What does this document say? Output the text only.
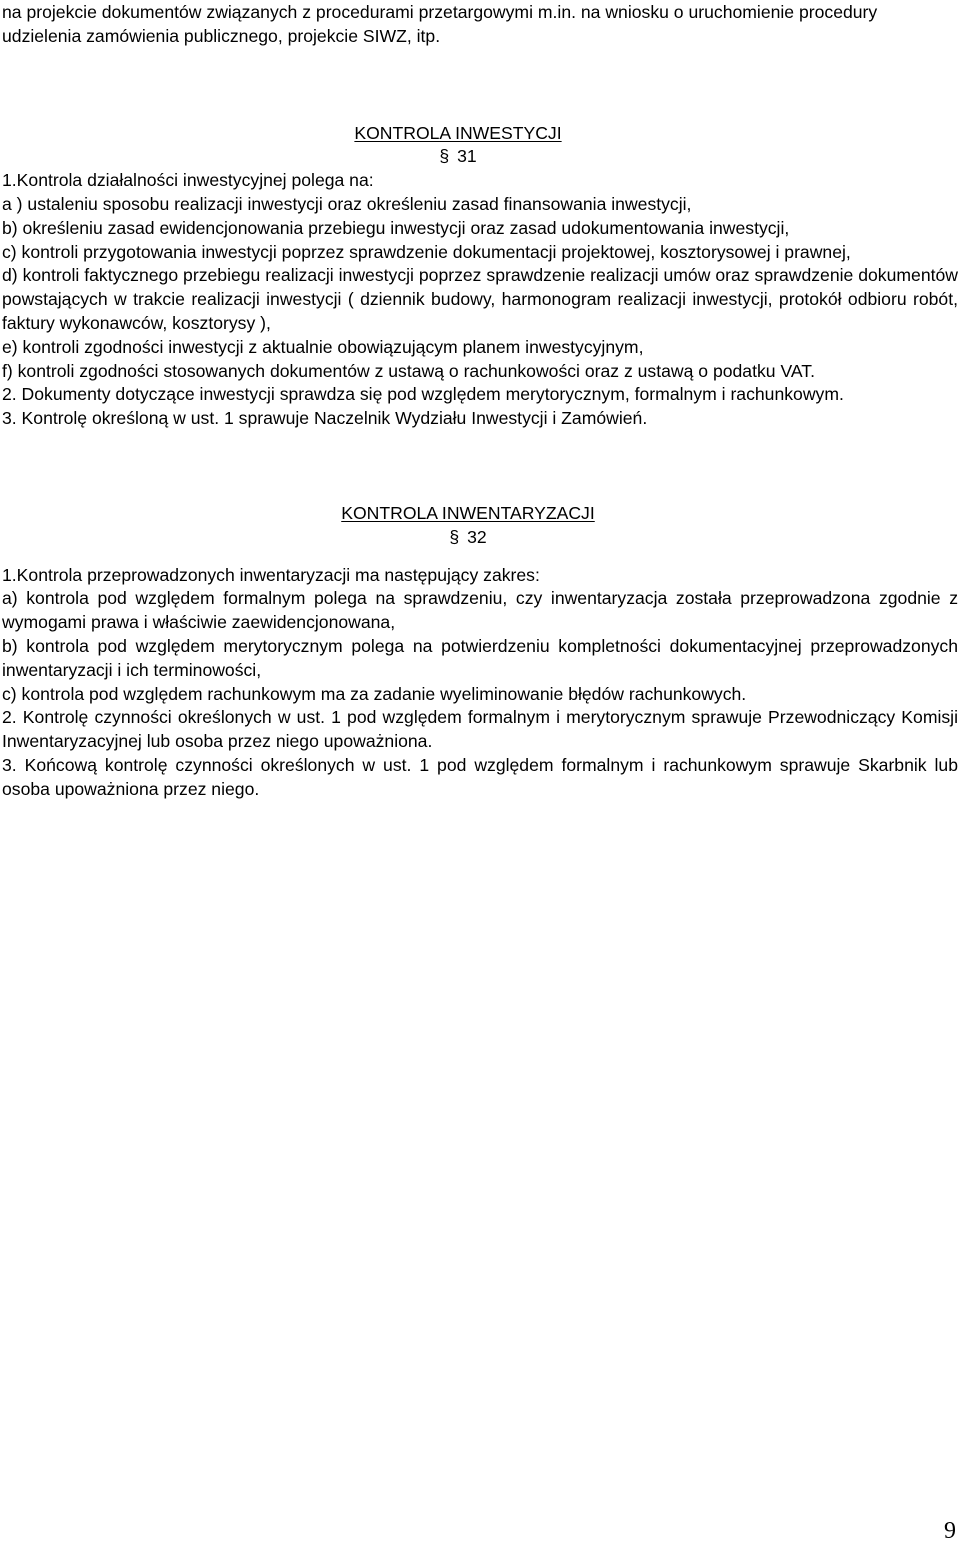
na projekcie dokumentów związanych z procedurami przetargowymi m.in. na wniosku o uruchomienie procedury udzielenia zamówienia publicznego, projekcie SIWZ, itp.

KONTROLA INWESTYCJI
§ 31

1.Kontrola działalności inwestycyjnej polega na:

a ) ustaleniu sposobu realizacji inwestycji oraz określeniu zasad finansowania inwestycji,

b) określeniu zasad ewidencjonowania przebiegu inwestycji oraz zasad udokumentowania inwestycji,

c) kontroli przygotowania inwestycji poprzez sprawdzenie dokumentacji projektowej, kosztorysowej i prawnej,

d) kontroli faktycznego przebiegu realizacji inwestycji poprzez sprawdzenie realizacji umów oraz sprawdzenie dokumentów powstających w trakcie realizacji inwestycji ( dziennik budowy, harmonogram realizacji inwestycji, protokół odbioru robót, faktury wykonawców, kosztorysy ),

e) kontroli zgodności inwestycji z aktualnie obowiązującym planem inwestycyjnym,

f) kontroli zgodności stosowanych dokumentów z ustawą o rachunkowości oraz z ustawą o podatku VAT.

2. Dokumenty dotyczące inwestycji sprawdza się pod względem merytorycznym, formalnym i rachunkowym.

3. Kontrolę określoną w ust. 1 sprawuje Naczelnik Wydziału Inwestycji i Zamówień.

KONTROLA INWENTARYZACJI
§ 32

1.Kontrola przeprowadzonych inwentaryzacji ma następujący zakres:

a) kontrola pod względem formalnym polega na sprawdzeniu, czy inwentaryzacja została przeprowadzona zgodnie z wymogami prawa i właściwie zaewidencjonowana,

b) kontrola pod względem merytorycznym polega na potwierdzeniu kompletności dokumentacyjnej przeprowadzonych inwentaryzacji i ich terminowości,

c) kontrola pod względem rachunkowym ma za zadanie wyeliminowanie błędów rachunkowych.

2. Kontrolę czynności określonych w ust. 1 pod względem formalnym i merytorycznym sprawuje Przewodniczący Komisji Inwentaryzacyjnej lub osoba przez niego upoważniona.

3. Końcową kontrolę czynności określonych w ust. 1 pod względem formalnym i rachunkowym sprawuje Skarbnik lub osoba upoważniona przez niego.

9
